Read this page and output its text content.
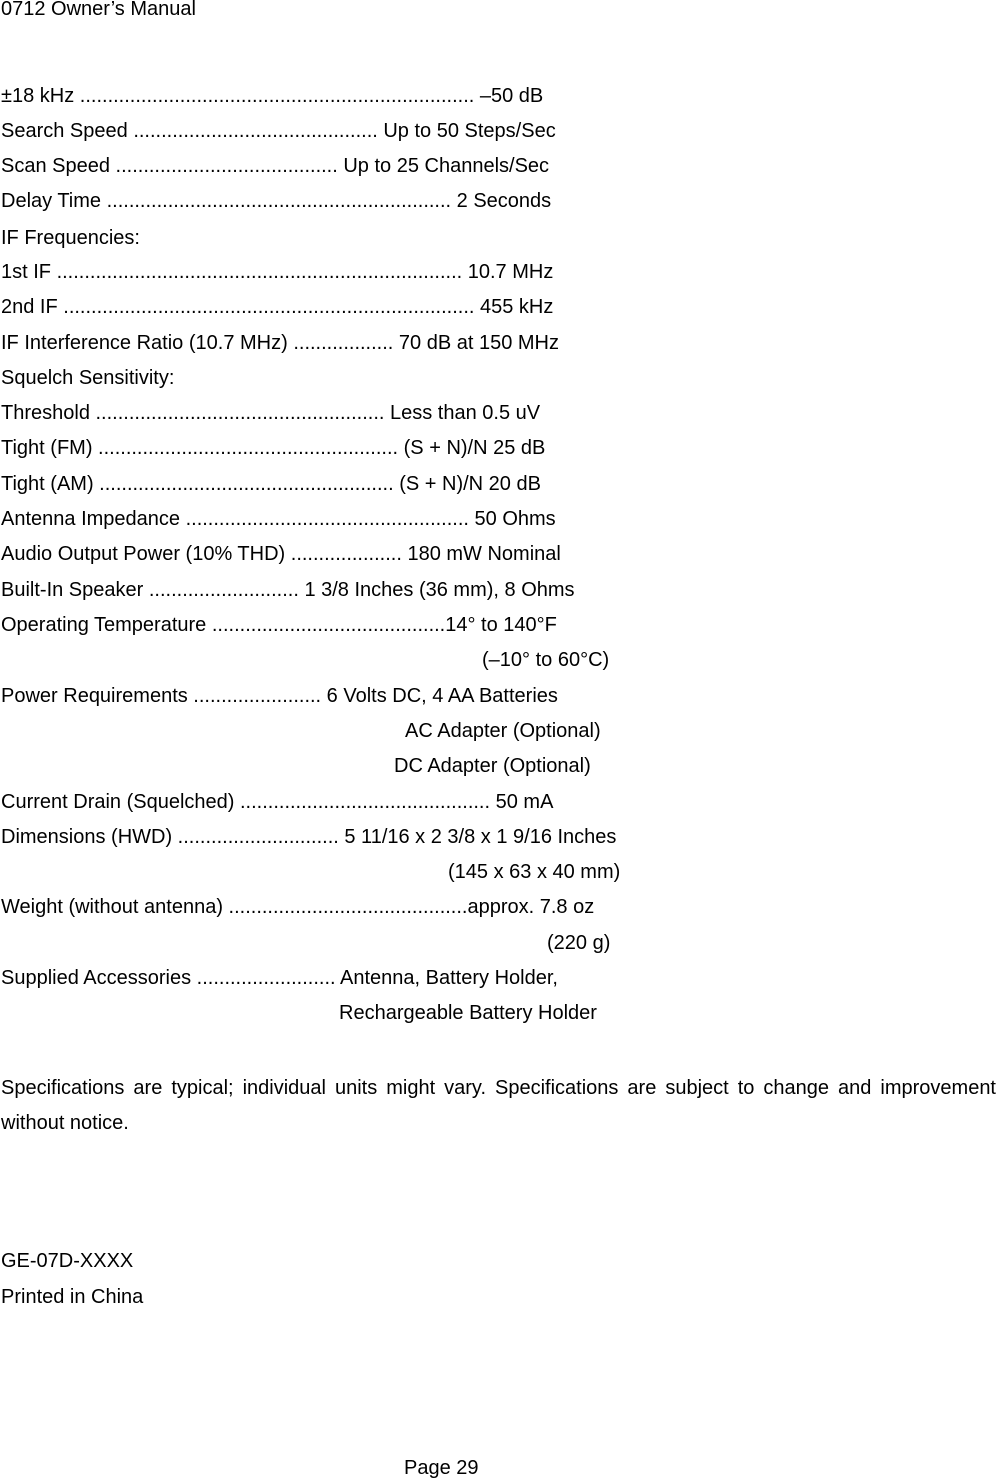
0712 Owner’s Manual
±18 kHz ....................................................................... –50 dB
Search Speed ............................................ Up to 50 Steps/Sec
Scan Speed ........................................ Up to 25 Channels/Sec
Delay Time .............................................................. 2 Seconds
IF Frequencies:
1st IF ......................................................................... 10.7 MHz
2nd IF .......................................................................... 455 kHz
IF Interference Ratio (10.7 MHz) .................. 70 dB at 150 MHz
Squelch Sensitivity:
Threshold .................................................... Less than 0.5 uV
Tight (FM) ...................................................... (S + N)/N 25 dB
Tight (AM) ..................................................... (S + N)/N 20 dB
Antenna Impedance ................................................... 50 Ohms
Audio Output Power (10% THD) .................... 180 mW Nominal
Built-In Speaker ........................... 1 3/8 Inches (36 mm), 8 Ohms
Operating Temperature ..........................................14° to 140°F
(–10° to 60°C)
Power Requirements ....................... 6 Volts DC, 4 AA Batteries
AC Adapter (Optional)
DC Adapter (Optional)
Current Drain (Squelched) ............................................. 50 mA
Dimensions (HWD) ............................. 5 11/16 x 2 3/8 x 1 9/16 Inches
(145 x 63 x 40 mm)
Weight (without antenna) ...........................................approx. 7.8 oz
(220 g)
Supplied Accessories ......................... Antenna, Battery Holder,
Rechargeable Battery Holder
Specifications are typical; individual units might vary. Specifications are subject to change and improvement without notice.
GE-07D-XXXX
Printed in China
Page 29
